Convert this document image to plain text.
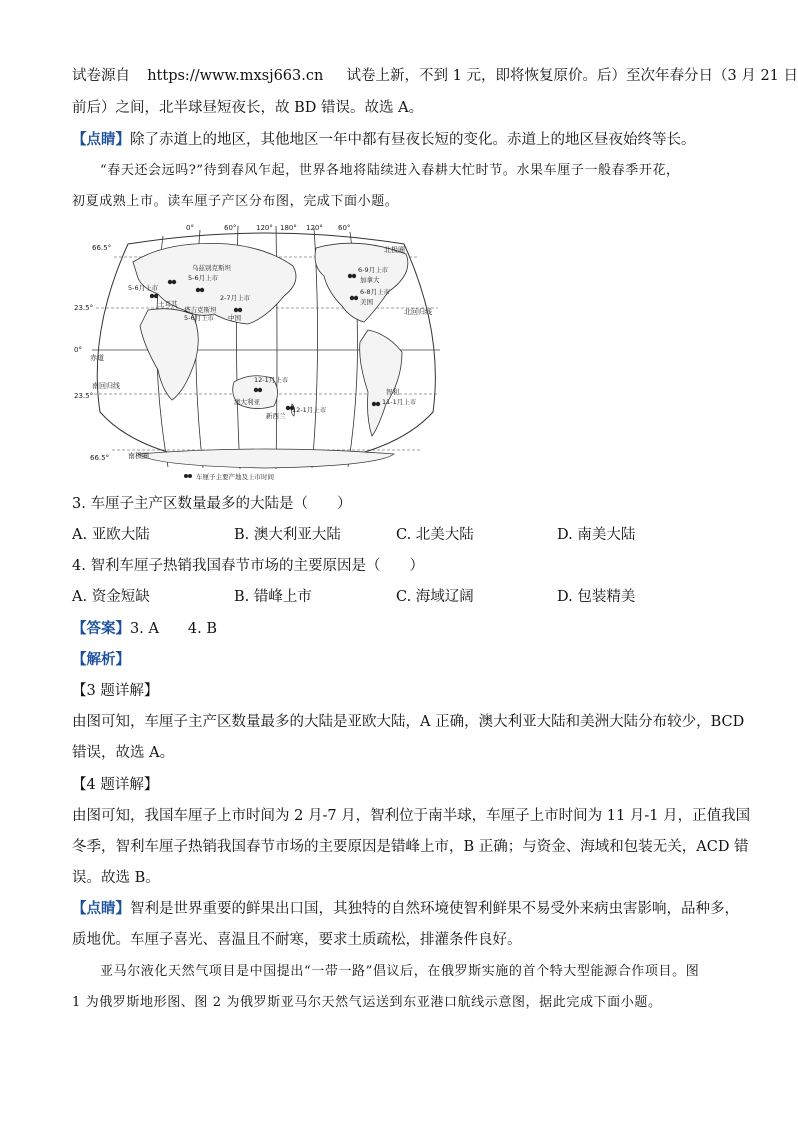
试卷源自 https://www.mxsj663.cn 试卷上新，不到 1 元，即将恢复原价。后）至次年春分日（3 月 21 日
前后）之间，北半球昼短夜长，故 BD 错误。故选 A。
【点睛】除了赤道上的地区，其他地区一年中都有昼夜长短的变化。赤道上的地区昼夜始终等长。
“春天还会远吗?”待到春风乍起，世界各地将陆续进入春耕大忙时节。水果车厘子一般春季开花，
初夏成熟上市。读车厘子产区分布图，完成下面小题。
0°	60°	120° 180° 120° 60°
66.5°
23.5°
0°
23.5°
66.5°
北极圈
北回归线
赤道
南回归线
南极圈
乌兹别克斯坦
5-6月上市
5-6月上市
土耳其
塔吉克斯坦
5-6月上市
2-7月上市
中国
6-9月上市
加拿大
6-8月上市
美国
12-1月上市
澳大利亚
新西兰
12-1月上市
智利
11-1月上市
车厘子主要产地及上市时间
3. 车厘子主产区数量最多的大陆是（　　）
A. 亚欧大陆	B. 澳大利亚大陆	C. 北美大陆	D. 南美大陆
4. 智利车厘子热销我国春节市场的主要原因是（　　）
A. 资金短缺	B. 错峰上市	C. 海域辽阔	D. 包装精美
【答案】3. A　　4. B
【解析】
【3 题详解】
由图可知，车厘子主产区数量最多的大陆是亚欧大陆，A 正确，澳大利亚大陆和美洲大陆分布较少，BCD
错误，故选 A。
【4 题详解】
由图可知，我国车厘子上市时间为 2 月-7 月，智利位于南半球，车厘子上市时间为 11 月-1 月，正值我国
冬季，智利车厘子热销我国春节市场的主要原因是错峰上市，B 正确；与资金、海域和包装无关，ACD 错
误。故选 B。
【点睛】智利是世界重要的鲜果出口国，其独特的自然环境使智利鲜果不易受外来病虫害影响，品种多，
质地优。车厘子喜光、喜温且不耐寒，要求土质疏松，排灌条件良好。
亚马尔液化天然气项目是中国提出“一带一路”倡议后，在俄罗斯实施的首个特大型能源合作项目。图
1 为俄罗斯地形图、图 2 为俄罗斯亚马尔天然气运送到东亚港口航线示意图，据此完成下面小题。
